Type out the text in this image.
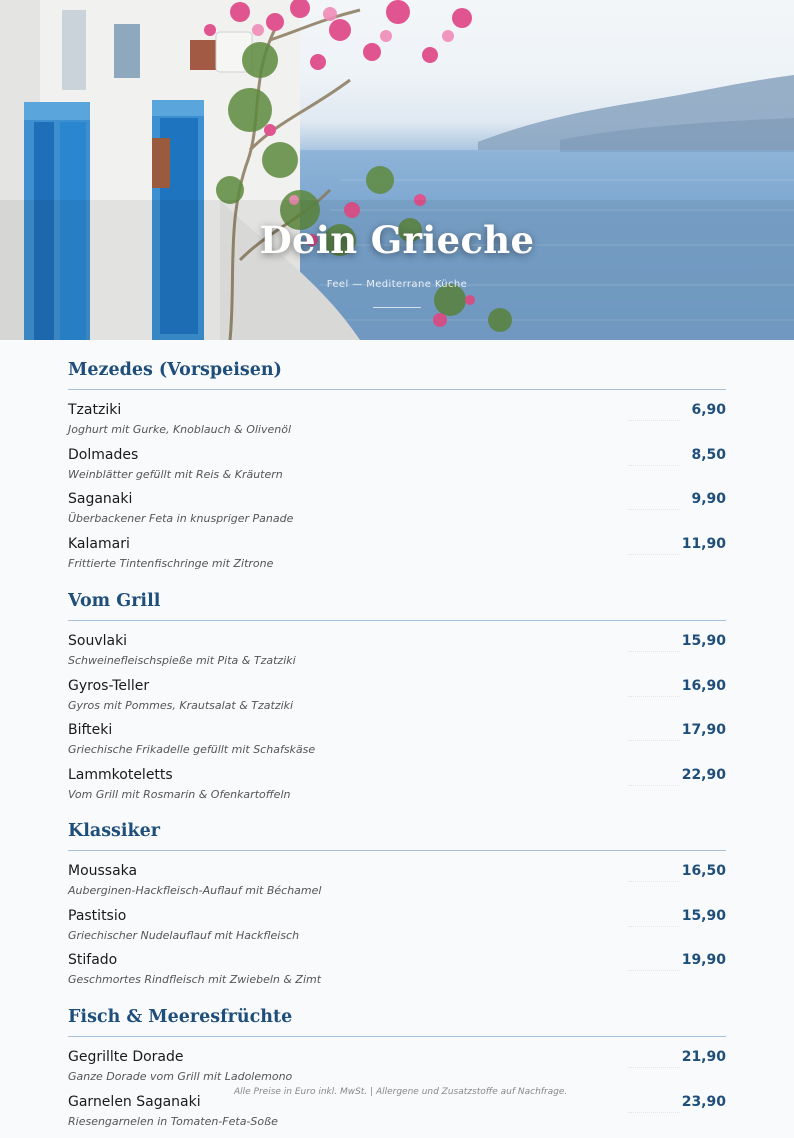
Dein Grieche
Feel — Mediterrane Küche
Mezedes (Vorspeisen)
Tzatziki	6,90
Joghurt mit Gurke, Knoblauch & Olivenöl
Dolmades	8,50
Weinblätter gefüllt mit Reis & Kräutern
Saganaki	9,90
Überbackener Feta in knuspriger Panade
Kalamari	11,90
Frittierte Tintenfischringe mit Zitrone
Vom Grill
Souvlaki	15,90
Schweinefleischspieße mit Pita & Tzatziki
Gyros-Teller	16,90
Gyros mit Pommes, Krautsalat & Tzatziki
Bifteki	17,90
Griechische Frikadelle gefüllt mit Schafskäse
Lammkoteletts	22,90
Vom Grill mit Rosmarin & Ofenkartoffeln
Klassiker
Moussaka	16,50
Auberginen-Hackfleisch-Auflauf mit Béchamel
Pastitsio	15,90
Griechischer Nudelauflauf mit Hackfleisch
Stifado	19,90
Geschmortes Rindfleisch mit Zwiebeln & Zimt
Fisch & Meeresfrüchte
Gegrillte Dorade	21,90
Ganze Dorade vom Grill mit Ladolemono
Garnelen Saganaki	23,90
Riesengarnelen in Tomaten-Feta-Soße
Alle Preise in Euro inkl. MwSt. | Allergene und Zusatzstoffe auf Nachfrage.
